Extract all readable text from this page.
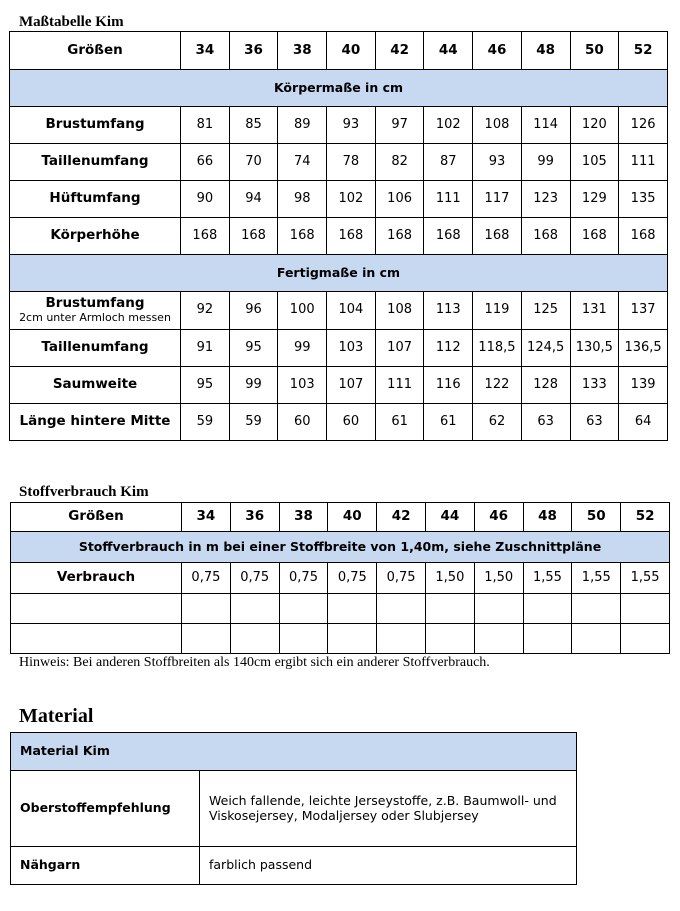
Maßtabelle Kim
Größen	34	36	38	40	42	44	46	48	50	52
Körpermaße in cm										
Brustumfang	81	85	89	93	97	102	108	114	120	126
Taillenumfang	66	70	74	78	82	87	93	99	105	111
Hüftumfang	90	94	98	102	106	111	117	123	129	135
Körperhöhe	168	168	168	168	168	168	168	168	168	168
Fertigmaße in cm										
Brustumfang
2cm unter Armloch messen	92	96	100	104	108	113	119	125	131	137
Taillenumfang	91	95	99	103	107	112	118,5	124,5	130,5	136,5
Saumweite	95	99	103	107	111	116	122	128	133	139
Länge hintere Mitte	59	59	60	60	61	61	62	63	63	64
Stoffverbrauch Kim
Größen	34	36	38	40	42	44	46	48	50	52
Stoffverbrauch in m bei einer Stoffbreite von 1,40m, siehe Zuschnittpläne										
Verbrauch	0,75	0,75	0,75	0,75	0,75	1,50	1,50	1,55	1,55	1,55

Hinweis: Bei anderen Stoffbreiten als 140cm ergibt sich ein anderer Stoffverbrauch.
Material
Material Kim	
Oberstoffempfehlung	Weich fallende, leichte Jerseystoffe, z.B. Baumwoll- und Viskosejersey, Modaljersey oder Slubjersey
Nähgarn	farblich passend
